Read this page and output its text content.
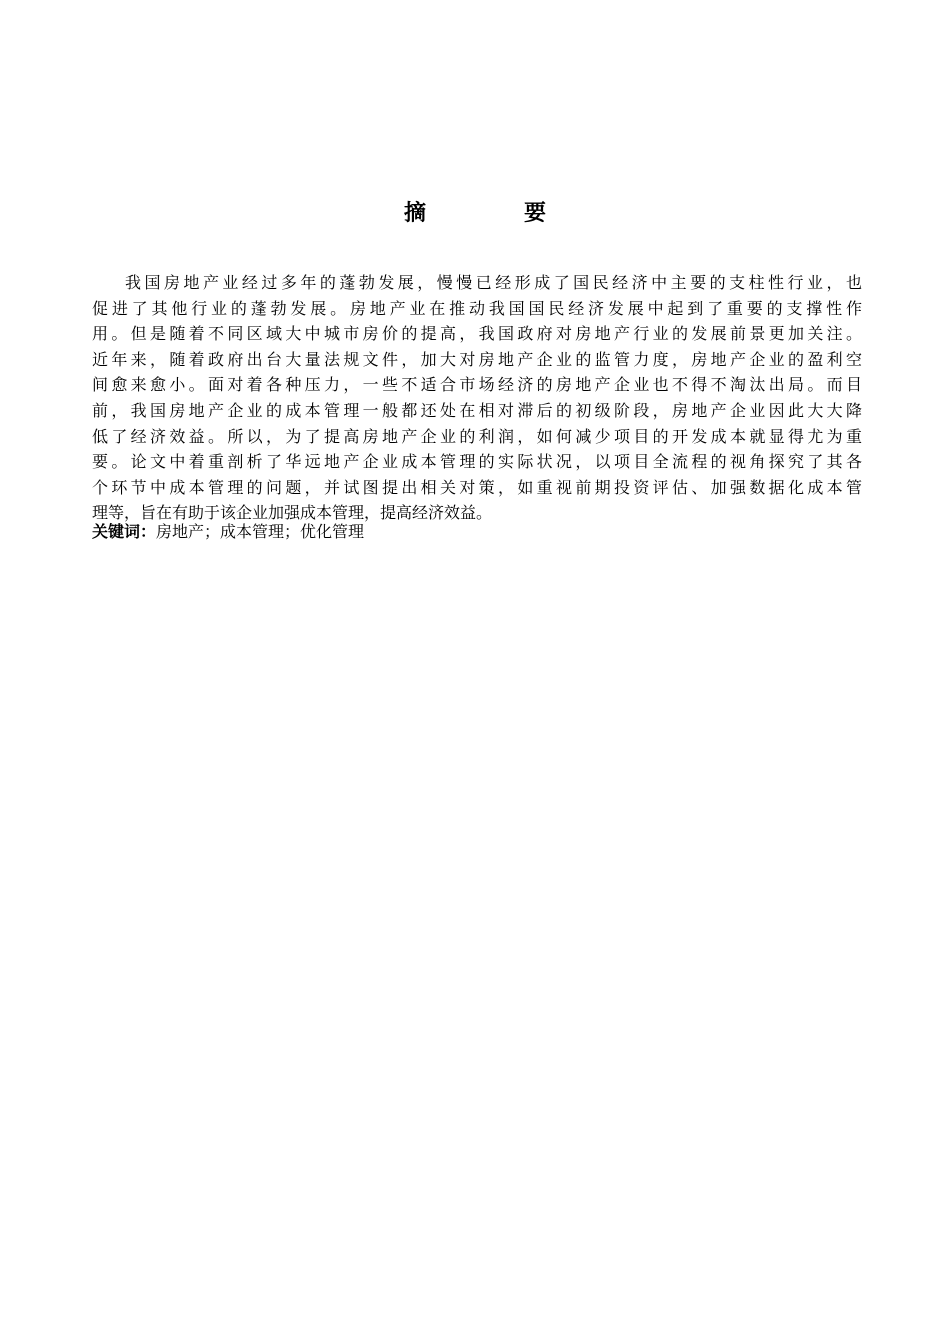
摘　要
我国房地产业经过多年的蓬勃发展，慢慢已经形成了国民经济中主要的支柱性行业，也
促进了其他行业的蓬勃发展。房地产业在推动我国国民经济发展中起到了重要的支撑性作
用。但是随着不同区域大中城市房价的提高，我国政府对房地产行业的发展前景更加关注。
近年来，随着政府出台大量法规文件，加大对房地产企业的监管力度，房地产企业的盈利空
间愈来愈小。面对着各种压力，一些不适合市场经济的房地产企业也不得不淘汰出局。而目
前，我国房地产企业的成本管理一般都还处在相对滞后的初级阶段，房地产企业因此大大降
低了经济效益。所以，为了提高房地产企业的利润，如何减少项目的开发成本就显得尤为重
要。论文中着重剖析了华远地产企业成本管理的实际状况，以项目全流程的视角探究了其各
个环节中成本管理的问题，并试图提出相关对策，如重视前期投资评估、加强数据化成本管
理等，旨在有助于该企业加强成本管理，提高经济效益。
关键词：房地产；成本管理；优化管理
